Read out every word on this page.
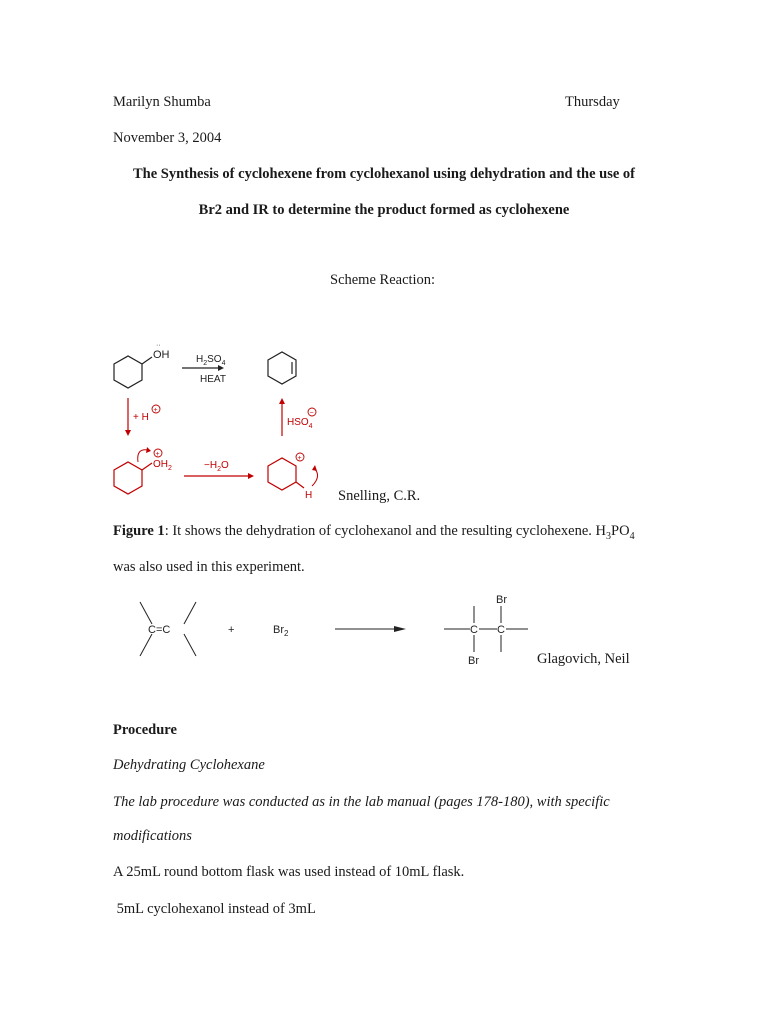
Marilyn Shumba	Thursday
November 3, 2004
The Synthesis of cyclohexene from cyclohexanol using dehydration and the use of
Br2 and IR to determine the product formed as cyclohexene
Scheme Reaction:
OH
··
$H_2SO_4$
HEAT
+ H
+
$HSO_4$
−
+
$OH_2$	$-H_2O$
+
H Snelling, C.R.
Figure 1: It shows the dehydration of cyclohexanol and the resulting cyclohexene. $H_3PO_4$
was also used in this experiment.
C=C	+	$Br_2$	C C
Br
Br	Glagovich, Neil
Procedure
Dehydrating Cyclohexane
The lab procedure was conducted as in the lab manual (pages 178-180), with specific
modifications
A 25mL round bottom flask was used instead of 10mL flask.
5mL cyclohexanol instead of 3mL
